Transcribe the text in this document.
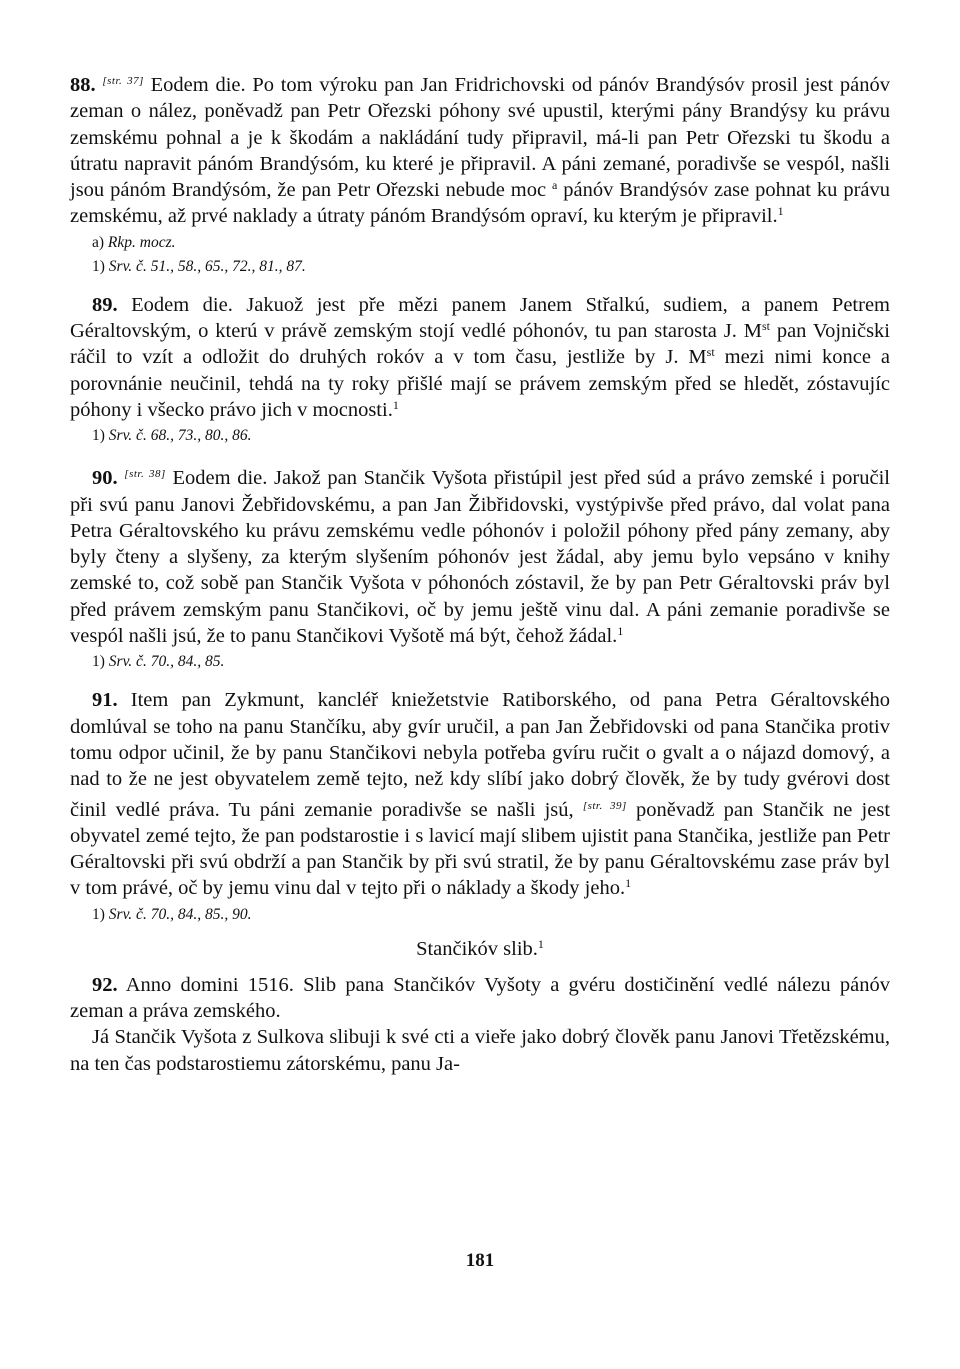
88. [str. 37] Eodem die. Po tom výroku pan Jan Fridrichovski od pánóv Brandýsóv prosil jest pánóv zeman o nález, poněvadž pan Petr Ořezski póhony své upustil, kterými pány Brandýsy ku právu zemskému pohnal a je k škodám a nakládání tudy připravil, má-li pan Petr Ořezski tu škodu a útratu napravit pánóm Brandýsóm, ku které je připravil. A páni zemané, poradivše se vespól, našli jsou pánóm Brandýsóm, že pan Petr Ořezski nebude moc $^a$ pánóv Brandýsóv zase pohnat ku právu zemskému, až prvé naklady a útraty pánóm Brandýsóm opraví, ku kterým je připravil.$^1$

a) Rkp. mocz.
1) Srv. č. 51., 58., 65., 72., 81., 87.

89. Eodem die. Jakuož jest pře mězi panem Janem Střalkú, sudiem, a panem Petrem Géraltovským, o kterú v právě zemským stojí vedlé póhonóv, tu pan starosta J. Mst pan Vojničski ráčil to vzít a odložit do druhých rokóv a v tom času, jestliže by J. Mst mezi nimi konce a porovnánie neučinil, tehdá na ty roky přišlé mají se právem zemským před se hledět, zóstavujíc póhony i všecko právo jich v mocnosti.$^1$

1) Srv. č. 68., 73., 80., 86.

90. [str. 38] Eodem die. Jakož pan Stančik Vyšota přistúpil jest před súd a právo zemské i poručil při svú panu Janovi Žebřidovskému, a pan Jan Žibřidovski, vystýpivše před právo, dal volat pana Petra Géraltovského ku právu zemskému vedle póhonóv i položil póhony před pány zemany, aby byly čteny a slyšeny, za kterým slyšením póhonóv jest žádal, aby jemu bylo vepsáno v knihy zemské to, což sobě pan Stančik Vyšota v póhonóch zóstavil, že by pan Petr Géraltovski práv byl před právem zemským panu Stančikovi, oč by jemu ještě vinu dal. A páni zemanie poradivše se vespól našli jsú, že to panu Stančikovi Vyšotě má být, čehož žádal.$^1$

1) Srv. č. 70., 84., 85.

91. Item pan Zykmunt, kancléř kniežetstvie Ratiborského, od pana Petra Géraltovského domlúval se toho na panu Stančíku, aby gvír uručil, a pan Jan Žebřidovski od pana Stančika protiv tomu odpor učinil, že by panu Stančikovi nebyla potřeba gvíru ručit o gvalt a o nájazd domový, a nad to že ne jest obyvatelem země tejto, než kdy slíbí jako dobrý člověk, že by tudy gvérovi dost činil vedlé práva. Tu páni zemanie poradivše se našli jsú, [str. 39] poněvadž pan Stančik ne jest obyvatel zemé tejto, že pan podstarostie i s lavicí mají slibem ujistit pana Stančika, jestliže pan Petr Géraltovski při svú obdrží a pan Stančik by při svú stratil, že by panu Géraltovskému zase práv byl v tom právé, oč by jemu vinu dal v tejto při o náklady a škody jeho.$^1$

1) Srv. č. 70., 84., 85., 90.
Stančikóv slib.$^1$

92. Anno domini 1516. Slib pana Stančikóv Vyšoty a gvéru dostičinění vedlé nálezu pánóv zeman a práva zemského.

Já Stančik Vyšota z Sulkova slibuji k své cti a vieře jako dobrý člověk panu Janovi Třetězskému, na ten čas podstarostiemu zátorskému, panu Ja-

181
